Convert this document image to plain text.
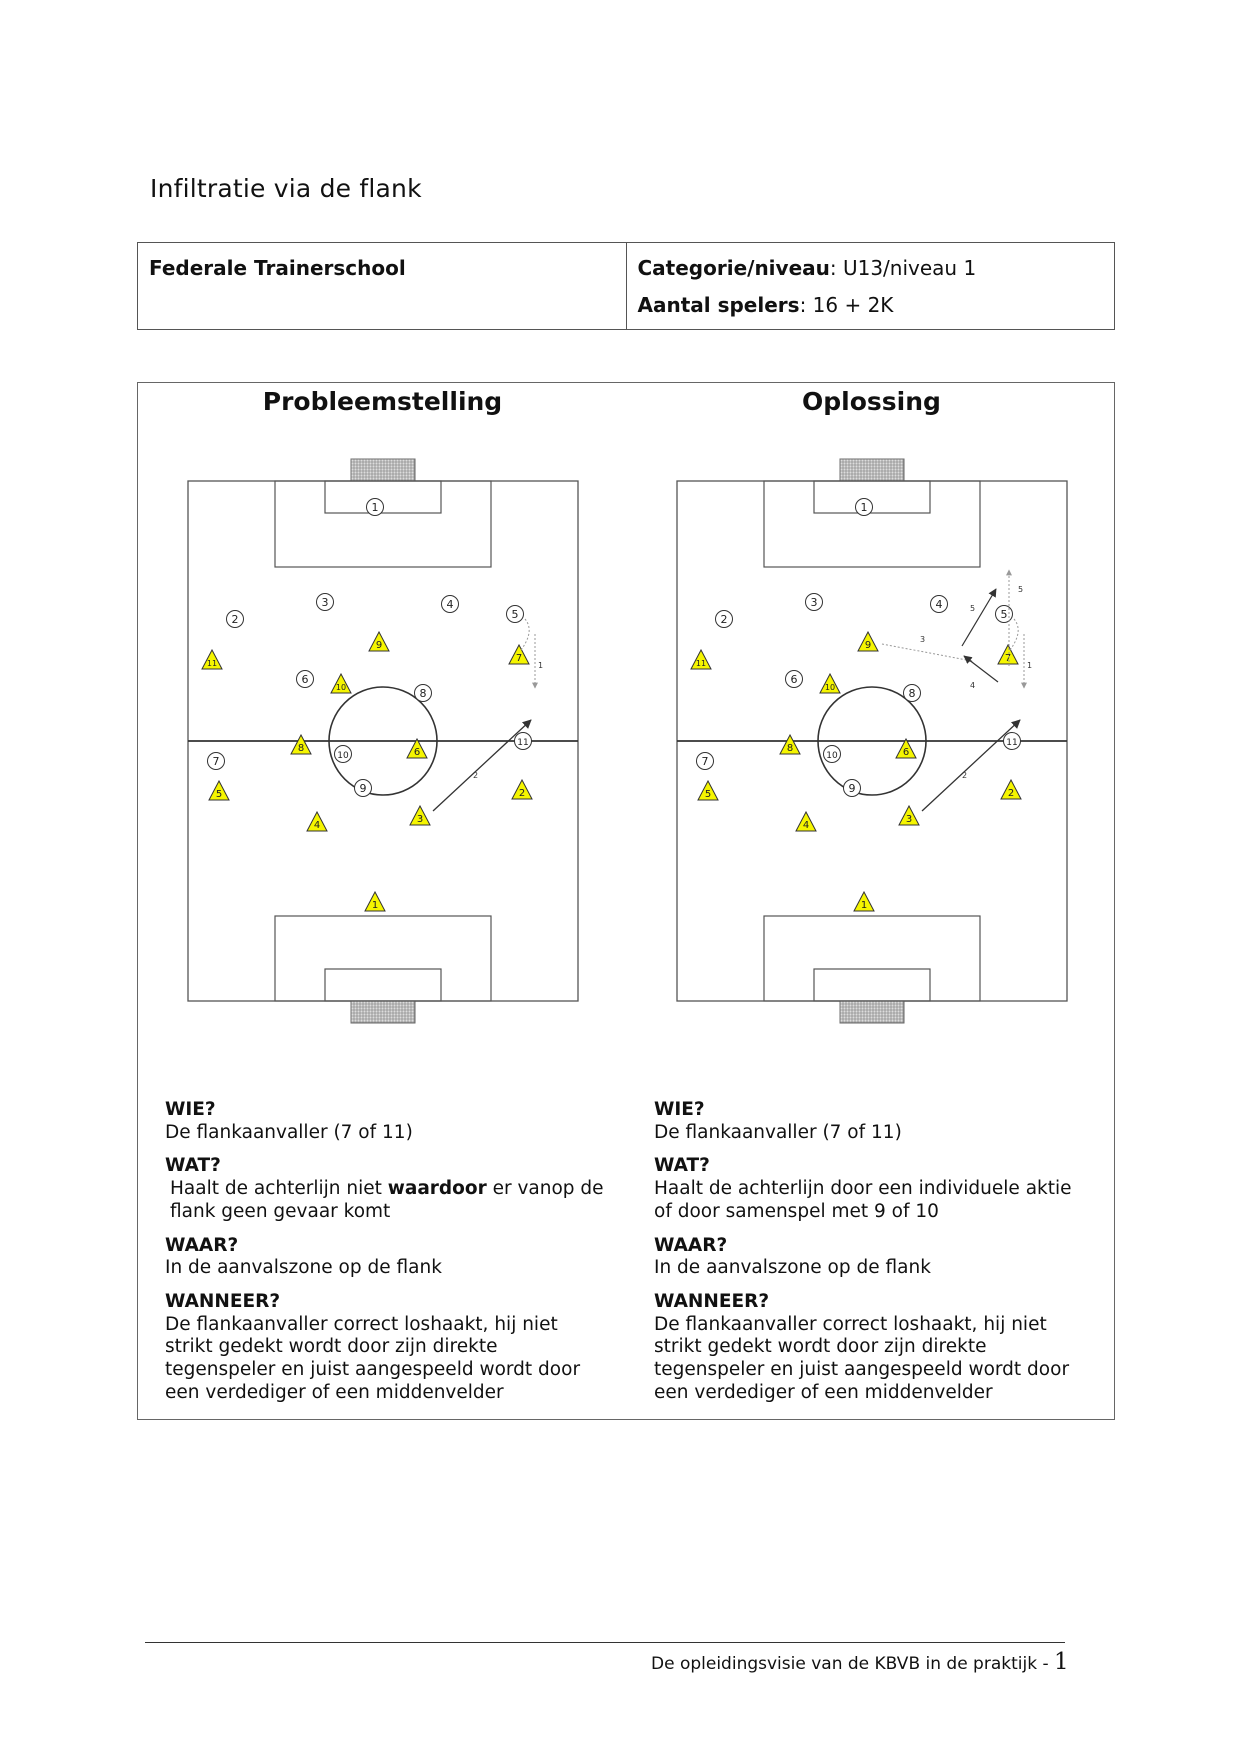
Infiltratie via de flank
Federale Trainerschool	Categorie/niveau: U13/niveau 1
Aantal spelers: 16 + 2K
Probleemstelling
1
2
3	4
5
6
7
8
9
10
11
1
2
3
4
5
6
7
8
9
10
11	1
2
WIE?
De flankaanvaller (7 of 11)
WAT?
Haalt de achterlijn niet waardoor er vanop de flank geen gevaar komt
WAAR?
In de aanvalszone op de flank
WANNEER?
De flankaanvaller correct loshaakt, hij niet strikt gedekt wordt door zijn direkte tegenspeler en juist aangespeeld wordt door een verdediger of een middenvelder
Oplossing
1
2
3	4
5
6
7
8
9
10
11
1
2
3
4
5
6
7
8
9
10
11	1
2
3
4
5
5
WIE?
De flankaanvaller (7 of 11)
WAT?
Haalt de achterlijn door een individuele aktie of door samenspel met 9 of 10
WAAR?
In de aanvalszone op de flank
WANNEER?
De flankaanvaller correct loshaakt, hij niet strikt gedekt wordt door zijn direkte tegenspeler en juist aangespeeld wordt door een verdediger of een middenvelder
De opleidingsvisie van de KBVB in de praktijk - 1
